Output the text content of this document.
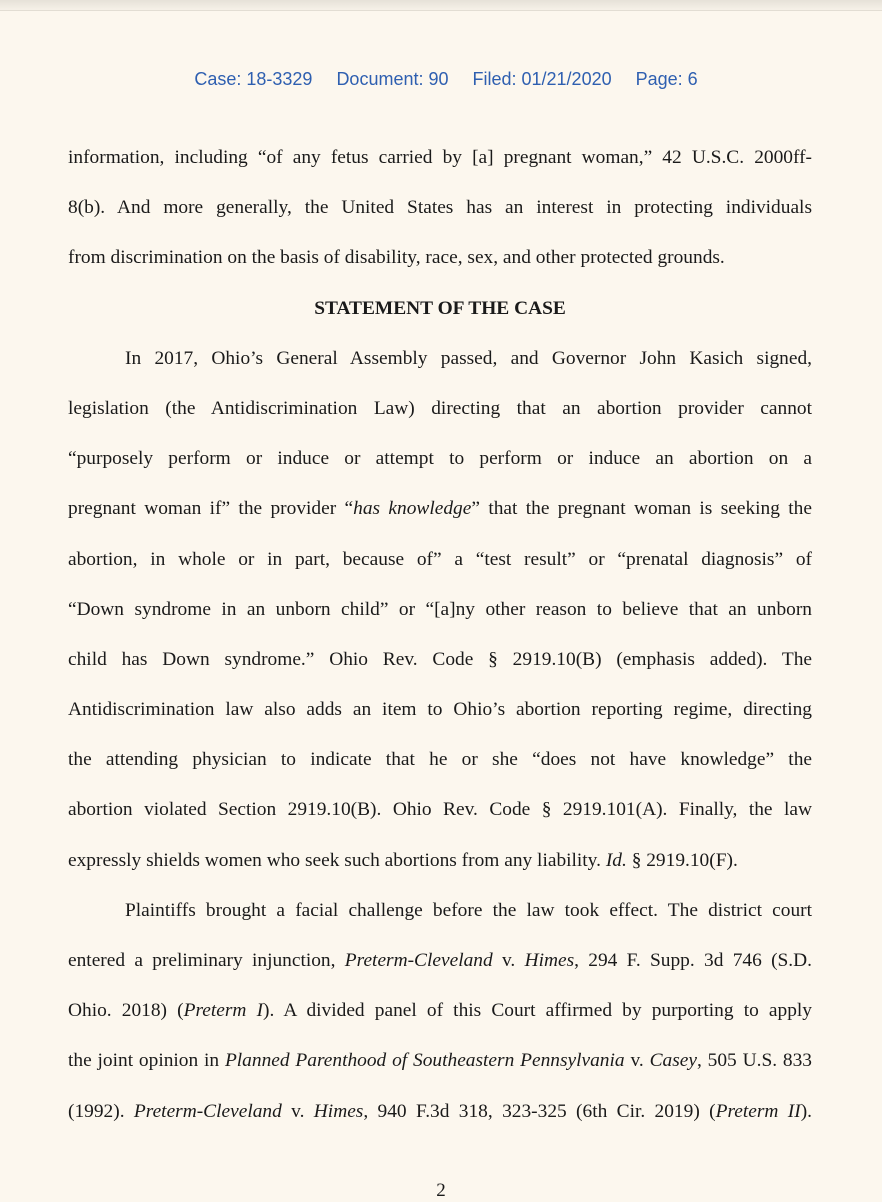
Case: 18-3329 Document: 90 Filed: 01/21/2020 Page: 6

information, including “of any fetus carried by [a] pregnant woman,” 42 U.S.C. 2000ff-
8(b). And more generally, the United States has an interest in protecting individuals
from discrimination on the basis of disability, race, sex, and other protected grounds.
STATEMENT OF THE CASE
In 2017, Ohio’s General Assembly passed, and Governor John Kasich signed,
legislation (the Antidiscrimination Law) directing that an abortion provider cannot
“purposely perform or induce or attempt to perform or induce an abortion on a
pregnant woman if” the provider “has knowledge” that the pregnant woman is seeking the
abortion, in whole or in part, because of” a “test result” or “prenatal diagnosis” of
“Down syndrome in an unborn child” or “[a]ny other reason to believe that an unborn
child has Down syndrome.” Ohio Rev. Code § 2919.10(B) (emphasis added). The
Antidiscrimination law also adds an item to Ohio’s abortion reporting regime, directing
the attending physician to indicate that he or she “does not have knowledge” the
abortion violated Section 2919.10(B). Ohio Rev. Code § 2919.101(A). Finally, the law
expressly shields women who seek such abortions from any liability. Id. § 2919.10(F).
Plaintiffs brought a facial challenge before the law took effect. The district court
entered a preliminary injunction, Preterm-Cleveland v. Himes, 294 F. Supp. 3d 746 (S.D.
Ohio. 2018) (Preterm I). A divided panel of this Court affirmed by purporting to apply
the joint opinion in Planned Parenthood of Southeastern Pennsylvania v. Casey, 505 U.S. 833
(1992). Preterm-Cleveland v. Himes, 940 F.3d 318, 323-325 (6th Cir. 2019) (Preterm II).
2
